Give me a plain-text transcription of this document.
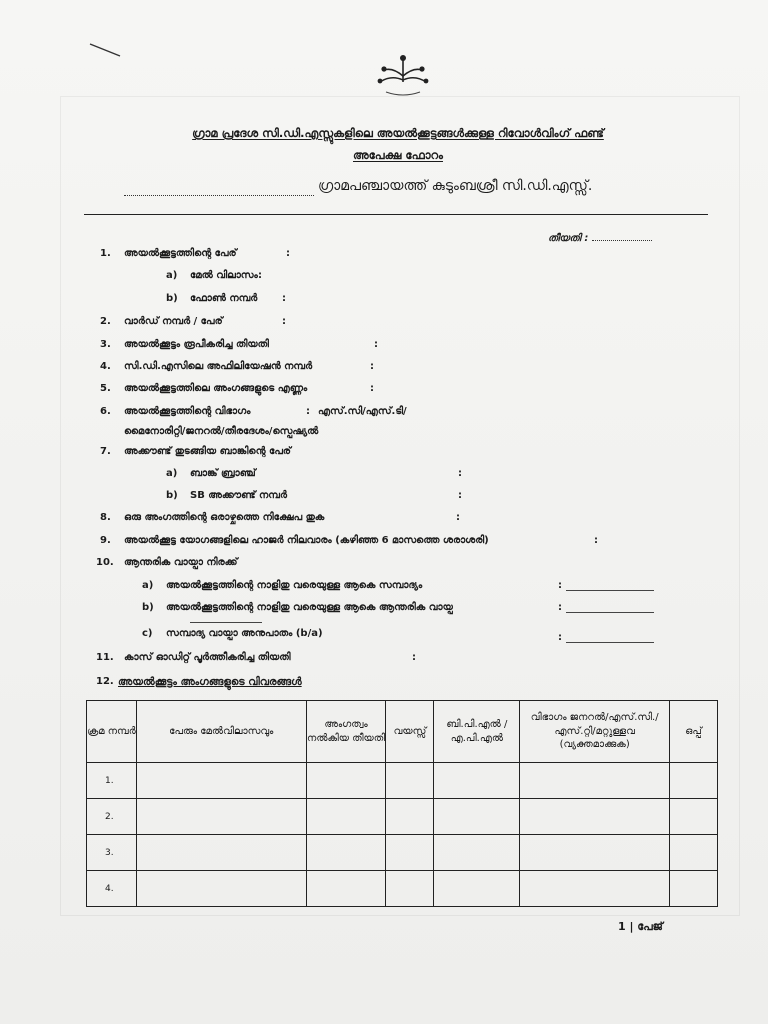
ഗ്രാമ പ്രദേശ സി.ഡി.എസ്സുകളിലെ അയൽക്കൂട്ടങ്ങൾക്കുള്ള റിവോൾവിംഗ് ഫണ്ട്
അപേക്ഷ ഫോറം
ഗ്രാമപഞ്ചായത്ത് കുടുംബശ്രീ സി.ഡി.എസ്സ്.
തീയതി :
1. അയൽക്കൂട്ടത്തിന്റെ പേര്	:
a) മേൽ വിലാസം :
b) ഫോൺ നമ്പർ :
2. വാർഡ് നമ്പർ / പേര്	:
3. അയൽക്കൂട്ടം രൂപീകരിച്ച തിയതി	:
4. സി.ഡി.എസിലെ അഫിലിയേഷൻ നമ്പർ	:
5. അയൽക്കൂട്ടത്തിലെ അംഗങ്ങളുടെ എണ്ണം	:
6. അയൽക്കൂട്ടത്തിന്റെ വിഭാഗം	: എസ്.സി/എസ്.ടി/
മൈനോരിറ്റി/ജനറൽ/തീരദേശം/സ്പെഷ്യൽ
7. അക്കൗണ്ട് തുടങ്ങിയ ബാങ്കിന്റെ പേര്
a) ബാങ്ക് ബ്രാഞ്ച്	:
b) SB അക്കൗണ്ട് നമ്പർ	:
8. ഒരു അംഗത്തിന്റെ ഒരാഴ്ചത്തെ നിക്ഷേപ തുക	:
9. അയൽക്കൂട്ട യോഗങ്ങളിലെ ഹാജർ നിലവാരം (കഴിഞ്ഞ 6 മാസത്തെ ശരാശരി)	:
10. ആന്തരിക വായ്പാ നിരക്ക്
a) അയൽക്കൂട്ടത്തിന്റെ നാളിതു വരെയുള്ള ആകെ സമ്പാദ്യം	:
b) അയൽക്കൂട്ടത്തിന്റെ നാളിതു വരെയുള്ള ആകെ ആന്തരിക വായ്പ	:
c) സമ്പാദ്യ വായ്പാ അനുപാതം (b/a)	:
11. കാസ് ഓഡിറ്റ് പൂർത്തീകരിച്ച തിയതി	:
12. അയൽക്കൂട്ടം അംഗങ്ങളുടെ വിവരങ്ങൾ
ക്രമ നമ്പർ	പേരും മേൽവിലാസവും	അംഗത്വം നൽകിയ തീയതി	വയസ്സ്	ബി.പി.എൽ / എ.പി.എൽ	വിഭാഗം ജനറൽ/എസ്.സി./ എസ്.റ്റി/മറ്റുള്ളവ (വ്യക്തമാക്കുക)	ഒപ്പ്
1.						
2.						
3.						
4.						
1 | പേജ്
